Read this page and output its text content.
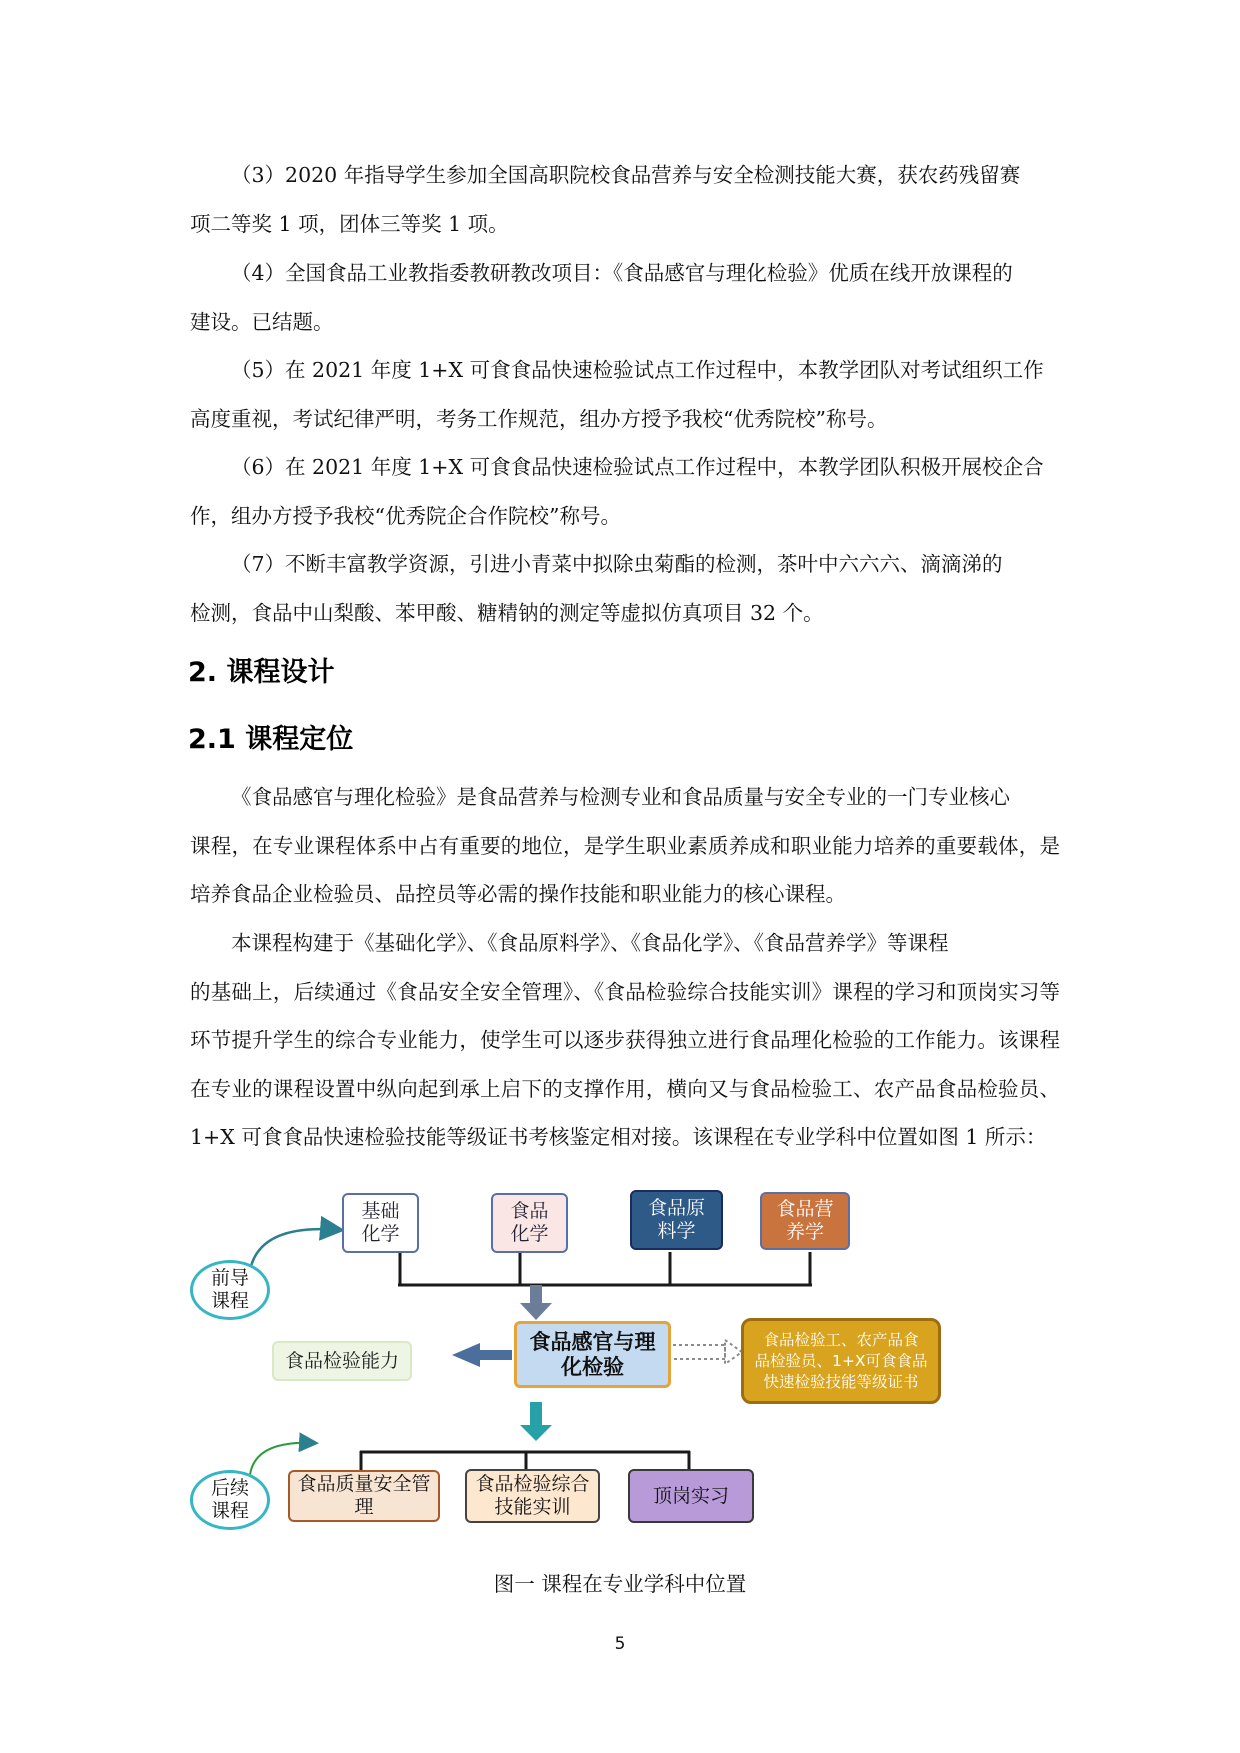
（3）2020 年指导学生参加全国高职院校食品营养与安全检测技能大赛，获农药残留赛
项二等奖 1 项，团体三等奖 1 项。

（4）全国食品工业教指委教研教改项目：《食品感官与理化检验》优质在线开放课程的
建设。已结题。

（5）在 2021 年度 1+X 可食食品快速检验试点工作过程中，本教学团队对考试组织工作
高度重视，考试纪律严明，考务工作规范，组办方授予我校“优秀院校”称号。

（6）在 2021 年度 1+X 可食食品快速检验试点工作过程中，本教学团队积极开展校企合
作，组办方授予我校“优秀院企合作院校”称号。

（7）不断丰富教学资源，引进小青菜中拟除虫菊酯的检测，茶叶中六六六、滴滴涕的
检测，食品中山梨酸、苯甲酸、糖精钠的测定等虚拟仿真项目 32 个。

2. 课程设计
2.1 课程定位

《食品感官与理化检验》是食品营养与检测专业和食品质量与安全专业的一门专业核心
课程，在专业课程体系中占有重要的地位，是学生职业素质养成和职业能力培养的重要载体，是培养食品企业检验员、品控员等必需的操作技能和职业能力的核心课程。

本课程构建于《基础化学》、《食品原料学》、《食品化学》、《食品营养学》等课程
的基础上，后续通过《食品安全安全管理》、《食品检验综合技能实训》课程的学习和顶岗实习等环节提升学生的综合专业能力，使学生可以逐步获得独立进行食品理化检验的工作能力。该课程在专业的课程设置中纵向起到承上启下的支撑作用，横向又与食品检验工、农产品食品检验员、1+X 可食食品快速检验技能等级证书考核鉴定相对接。该课程在专业学科中位置如图 1 所示：

前导
课程
后续
课程
基础
化学
食品
化学
食品原
料学
食品营
养学
食品感官与理
化检验
食品检验能力
食品检验工、农产品食
品检验员、1+X可食食品
快速检验技能等级证书
食品质量安全管理
食品检验综合
技能实训
顶岗实习

图一 课程在专业学科中位置

5
